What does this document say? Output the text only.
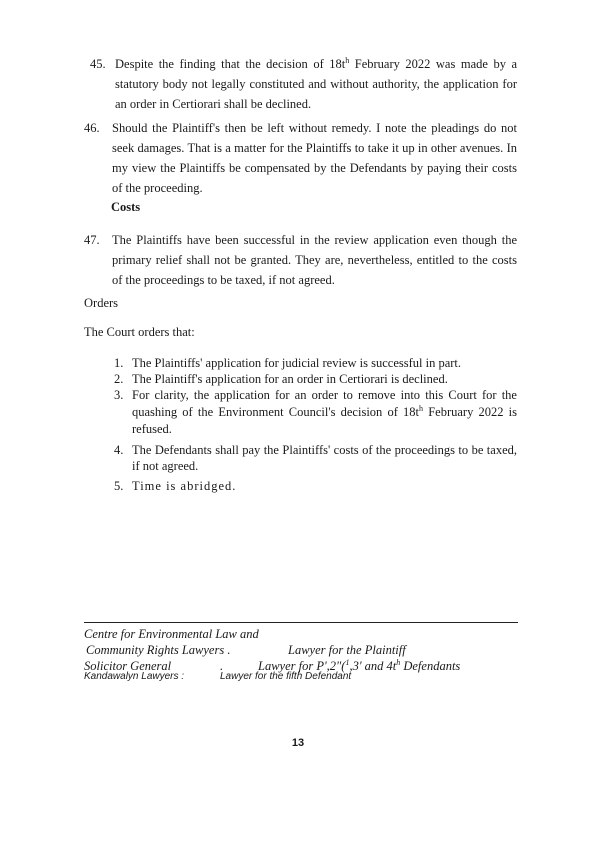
45. Despite the finding that the decision of $18t^h$ February 2022 was made by a statutory body not legally constituted and without authority, the application for an order in Certiorari shall be declined.
46. Should the Plaintiff's then be left without remedy. I note the pleadings do not seek damages. That is a matter for the Plaintiffs to take it up in other avenues. In my view the Plaintiffs be compensated by the Defendants by paying their costs of the proceeding.
Costs
47. The Plaintiffs have been successful in the review application even though the primary relief shall not be granted. They are, nevertheless, entitled to the costs of the proceedings to be taxed, if not agreed.
Orders
The Court orders that:
1. The Plaintiffs' application for judicial review is successful in part.
2. The Plaintiff's application for an order in Certiorari is declined.
3. For clarity, the application for an order to remove into this Court for the quashing of the Environment Council's decision of $18t^h$ February 2022 is refused.
4. The Defendants shall pay the Plaintiffs' costs of the proceedings to be taxed, if not agreed.
5. Time is abridged.
Centre for Environmental Law and
Community Rights Lawyers .	Lawyer for the Plaintiff
Solicitor General	.	Lawyer for P',2"($^1$,3' and $4t^h$ Defendants
Kandawalyn Lawyers :	Lawyer for the fifth Defendant
13
